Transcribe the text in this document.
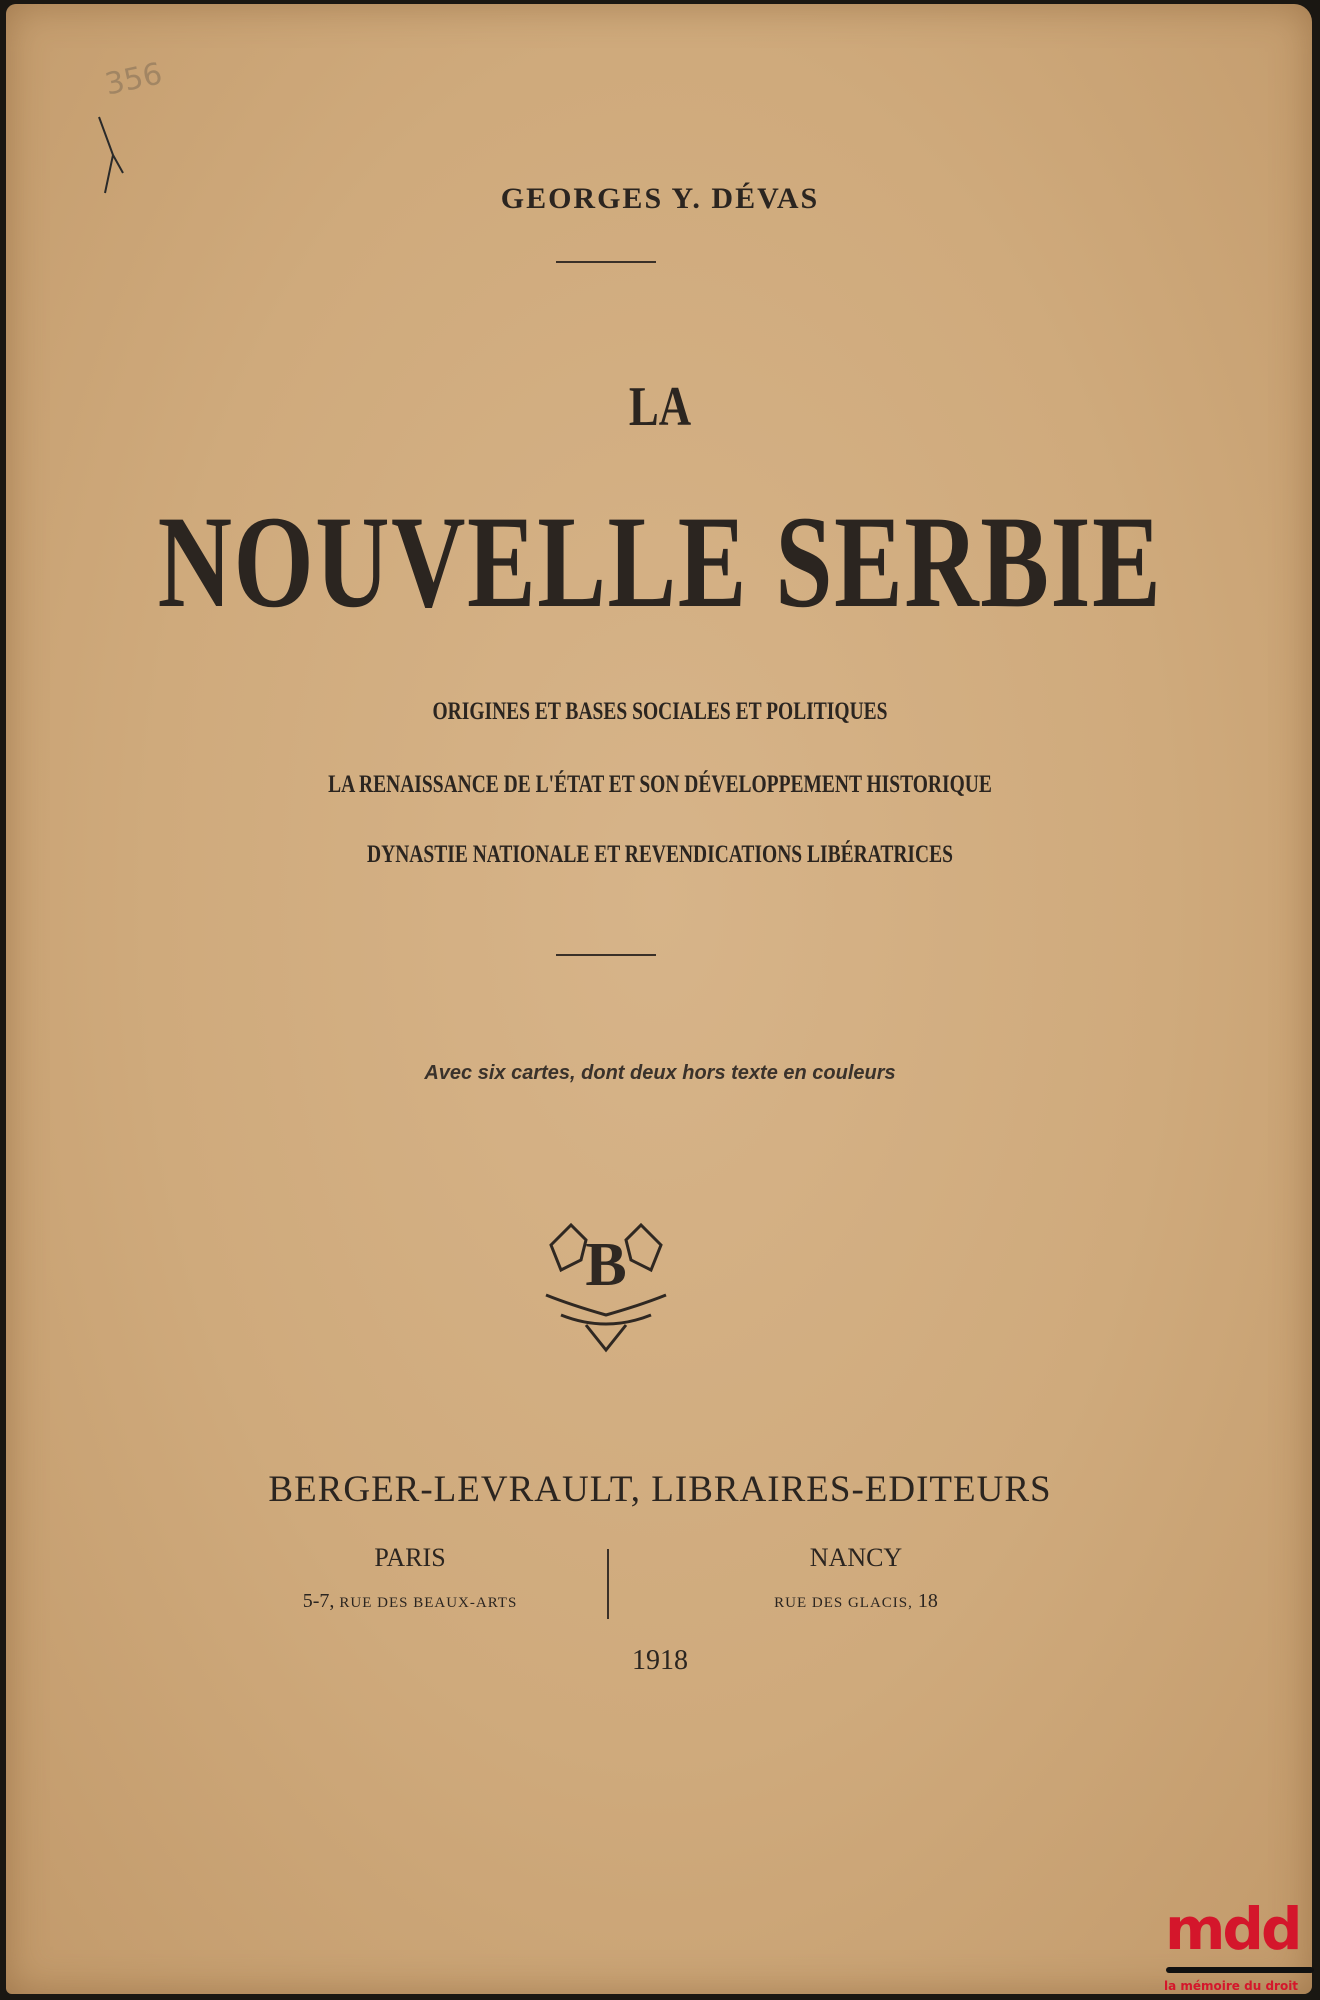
356
GEORGES Y. DÉVAS
LA
NOUVELLE SERBIE
ORIGINES ET BASES SOCIALES ET POLITIQUES
LA RENAISSANCE DE L'ÉTAT ET SON DÉVELOPPEMENT HISTORIQUE
DYNASTIE NATIONALE ET REVENDICATIONS LIBÉRATRICES
Avec six cartes, dont deux hors texte en couleurs
B
BERGER-LEVRAULT, LIBRAIRES-EDITEURS
PARIS
5-7, RUE DES BEAUX-ARTS
NANCY
RUE DES GLACIS, 18
1918
mdd
la mémoire du droit
